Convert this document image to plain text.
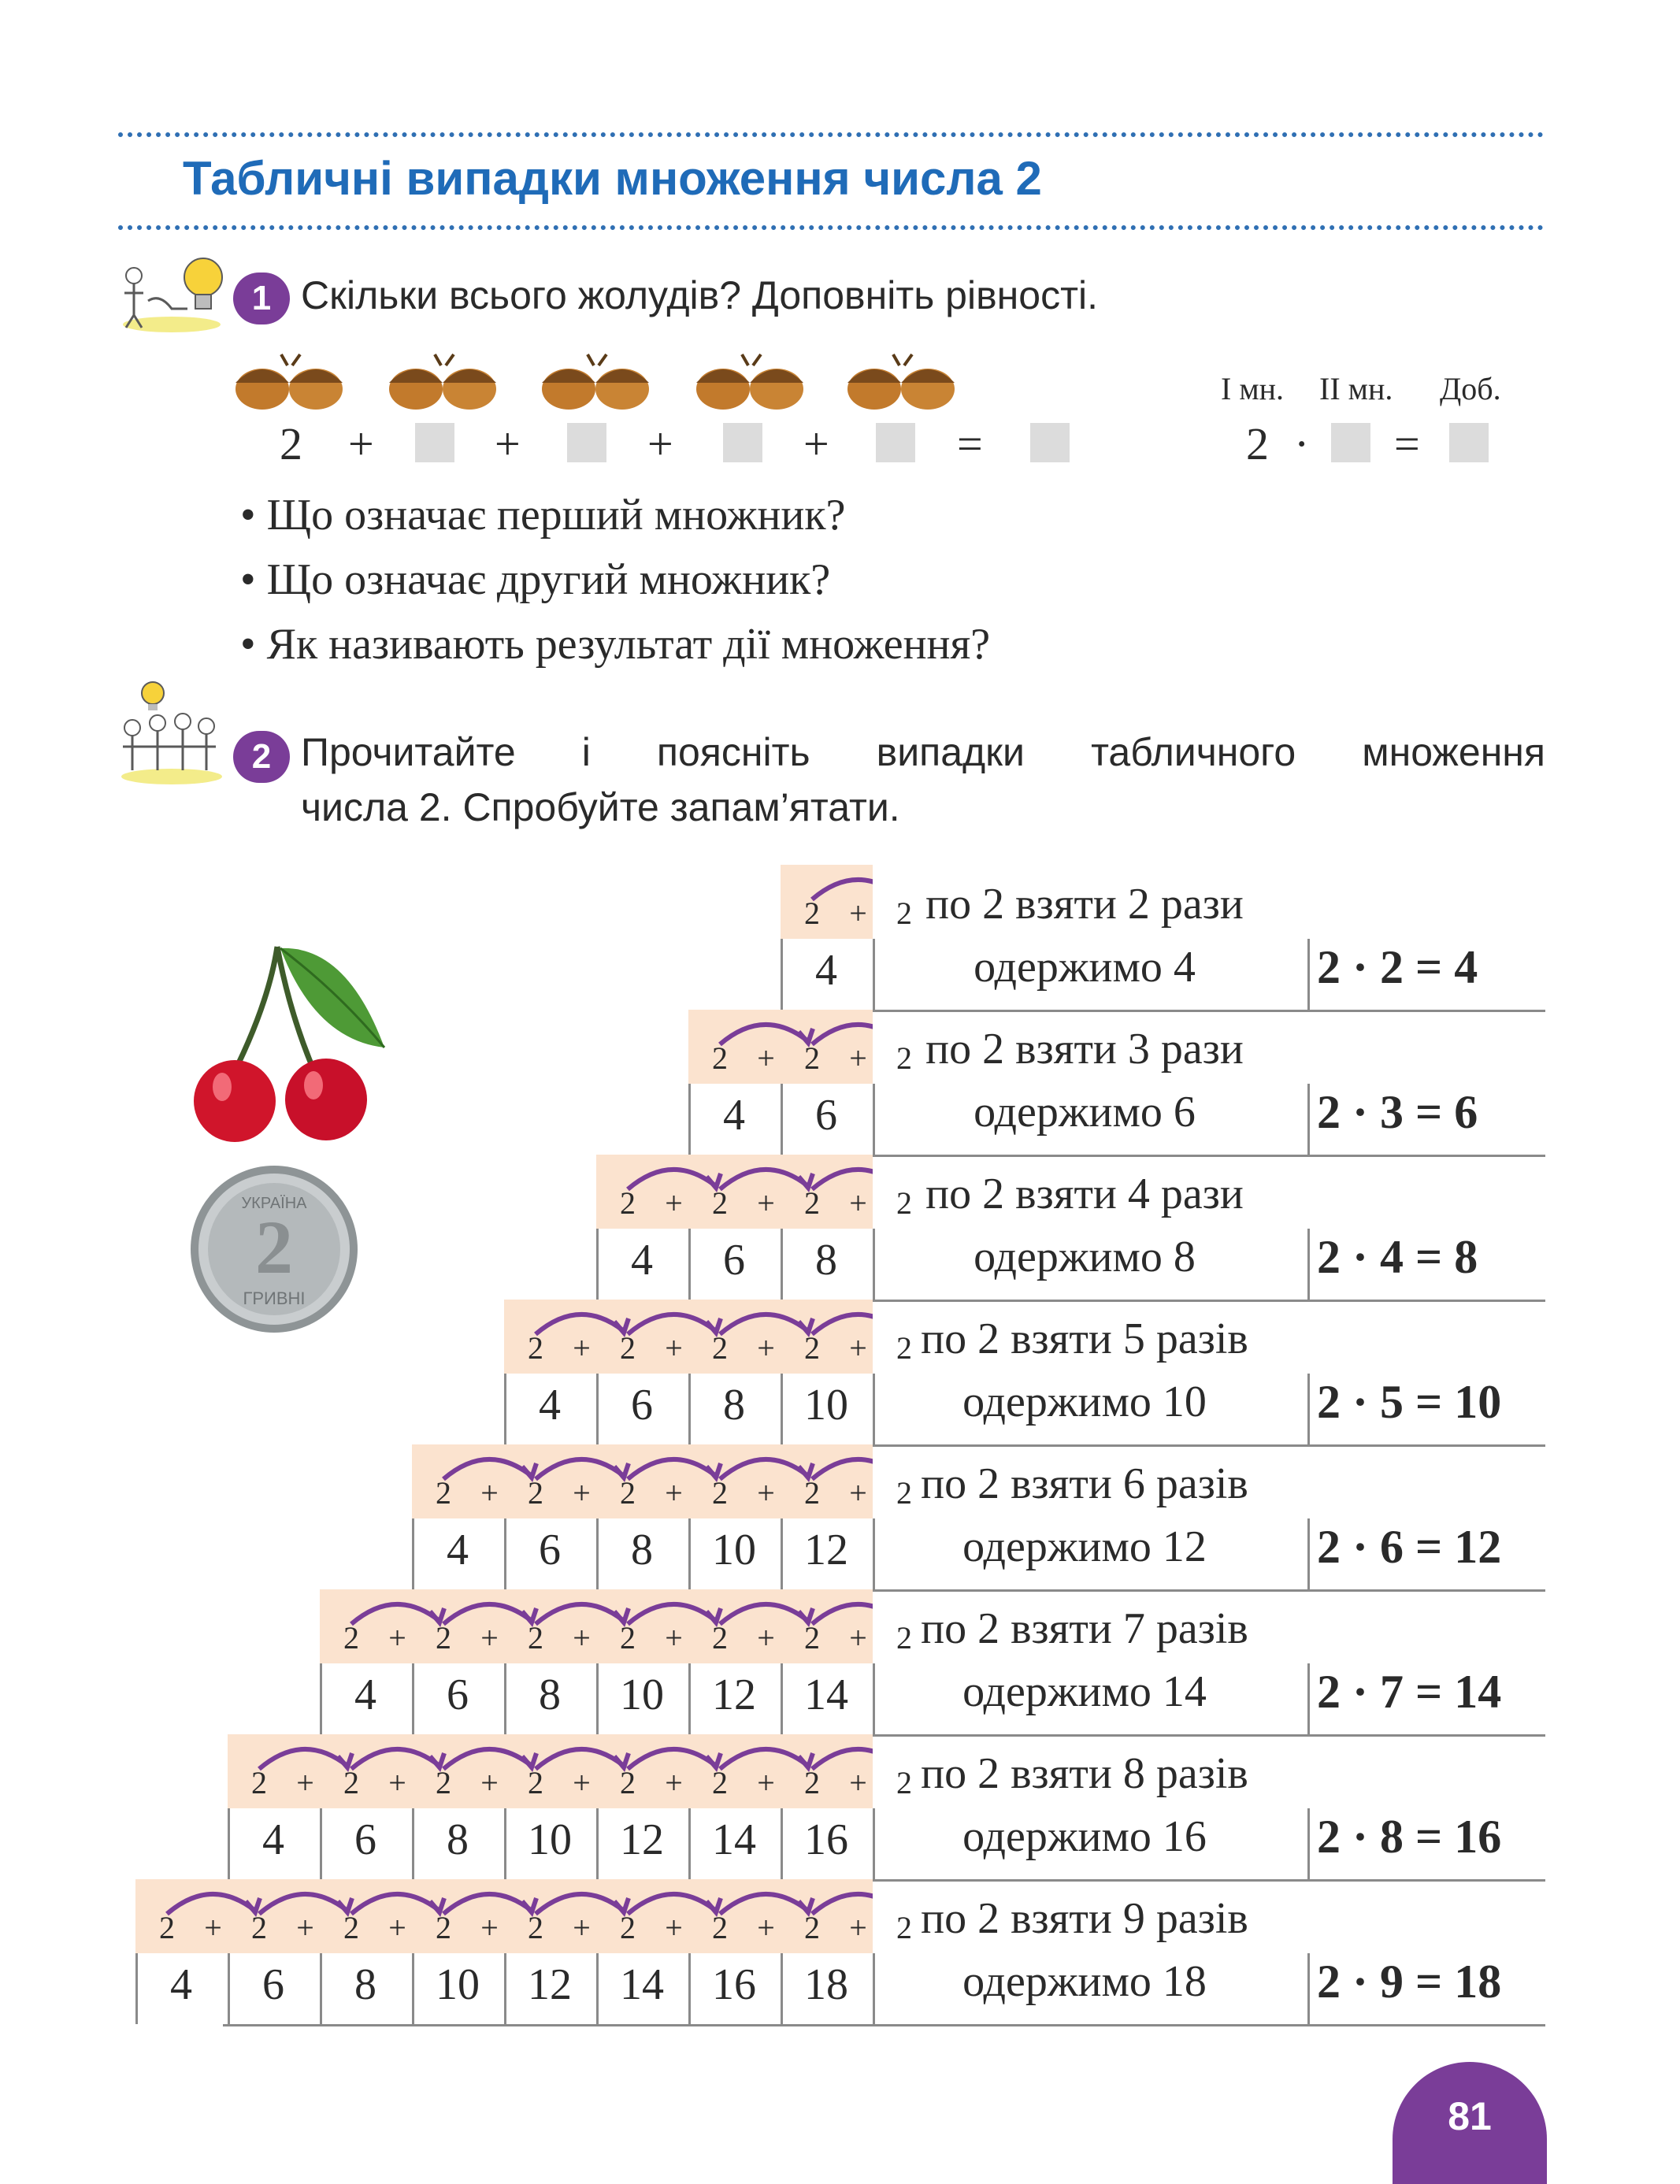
Табличні випадки множення числа 2
1 Скільки всього жолудів? Доповніть рівності.
2 +	+	+	+	=
І мн. ІІ мн. Доб.
2 · =
• Що означає перший множник?
• Що означає другий множник?
• Як називають результат дії множення?
2 Прочитайте і поясніть випадки табличного множення
числа 2. Спробуйте запам’ятати.
УКРАЇНА
2
ГРИВНІ
2 + 2
4
по 2 взяти 2 рази
одержимо 4	2 · 2 = 4
2 + 2 + 2
4	6
по 2 взяти 3 рази
одержимо 6	2 · 3 = 6
2 + 2 + 2 + 2
4	6	8
по 2 взяти 4 рази
одержимо 8	2 · 4 = 8
2 + 2 + 2 + 2 + 2
4	6	8	10
по 2 взяти 5 разів
одержимо 10	2 · 5 = 10
2 + 2 + 2 + 2 + 2 + 2
4	6	8	10	12
по 2 взяти 6 разів
одержимо 12	2 · 6 = 12
2 + 2 + 2 + 2 + 2 + 2 + 2
4	6	8	10	12	14
по 2 взяти 7 разів
одержимо 14	2 · 7 = 14
2 + 2 + 2 + 2 + 2 + 2 + 2 + 2
4	6	8	10	12	14	16
по 2 взяти 8 разів
одержимо 16	2 · 8 = 16
2 + 2 + 2 + 2 + 2 + 2 + 2 + 2 + 2
4	6	8	10	12	14	16	18
по 2 взяти 9 разів
одержимо 18	2 · 9 = 18
81
